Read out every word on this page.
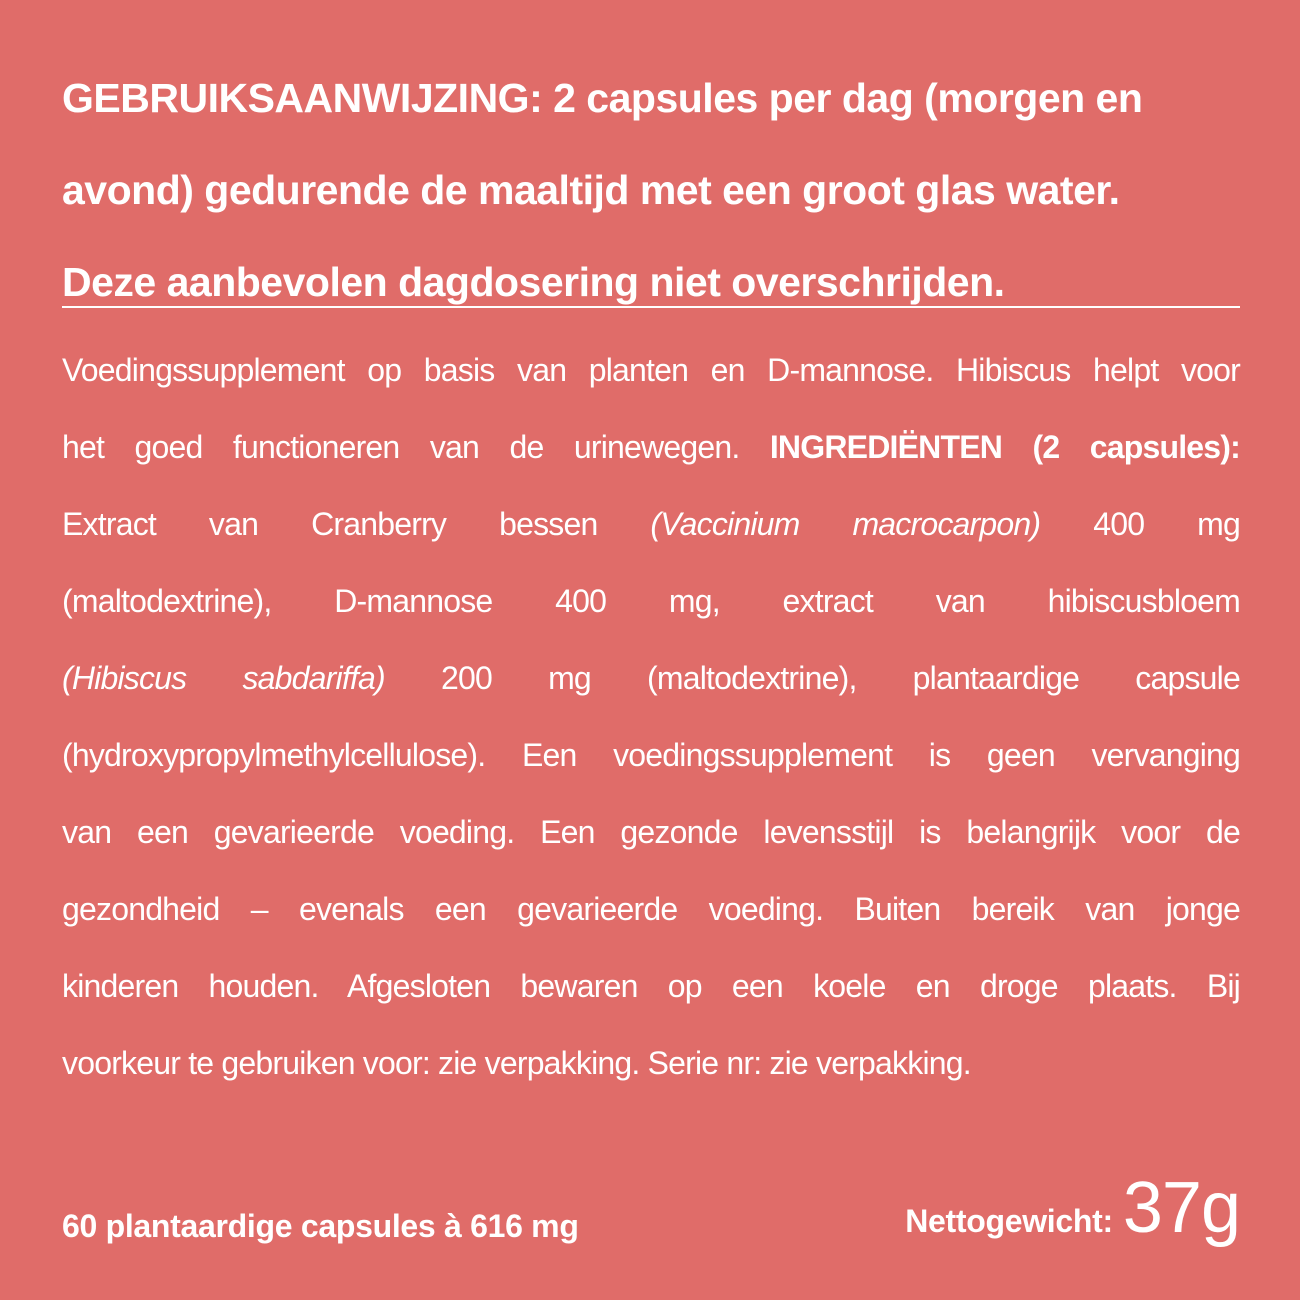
GEBRUIKSAANWIJZING: 2 capsules per dag (morgen en
avond) gedurende de maaltijd met een groot glas water.
Deze aanbevolen dagdosering niet overschrijden.
Voedingssupplement op basis van planten en D-mannose. Hibiscus helpt voor
het goed functioneren van de urinewegen. INGREDIËNTEN (2 capsules):
Extract van Cranberry bessen (Vaccinium macrocarpon) 400 mg
(maltodextrine), D-mannose 400 mg, extract van hibiscusbloem
(Hibiscus sabdariffa) 200 mg (maltodextrine), plantaardige capsule
(hydroxypropylmethylcellulose). Een voedingssupplement is geen vervanging
van een gevarieerde voeding. Een gezonde levensstijl is belangrijk voor de
gezondheid – evenals een gevarieerde voeding. Buiten bereik van jonge
kinderen houden. Afgesloten bewaren op een koele en droge plaats. Bij
voorkeur te gebruiken voor: zie verpakking. Serie nr: zie verpakking.
60 plantaardige capsules à 616 mg	Nettogewicht: 37g
